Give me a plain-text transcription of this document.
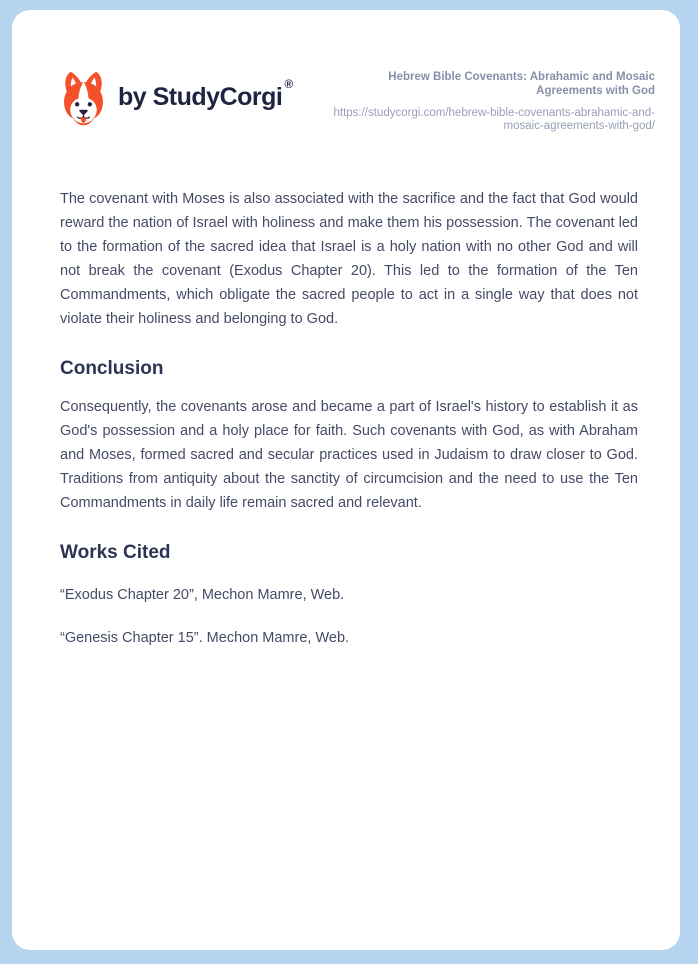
by StudyCorgi ®	Hebrew Bible Covenants: Abrahamic and Mosaic Agreements with God
https://studycorgi.com/hebrew-bible-covenants-abrahamic-and-mosaic-agreements-with-god/

The covenant with Moses is also associated with the sacrifice and the fact that God would reward the nation of Israel with holiness and make them his possession. The covenant led to the formation of the sacred idea that Israel is a holy nation with no other God and will not break the covenant (Exodus Chapter 20). This led to the formation of the Ten Commandments, which obligate the sacred people to act in a single way that does not violate their holiness and belonging to God.

Conclusion

Consequently, the covenants arose and became a part of Israel's history to establish it as God's possession and a holy place for faith. Such covenants with God, as with Abraham and Moses, formed sacred and secular practices used in Judaism to draw closer to God. Traditions from antiquity about the sanctity of circumcision and the need to use the Ten Commandments in daily life remain sacred and relevant.

Works Cited

“Exodus Chapter 20”, Mechon Mamre, Web.

“Genesis Chapter 15”. Mechon Mamre, Web.
